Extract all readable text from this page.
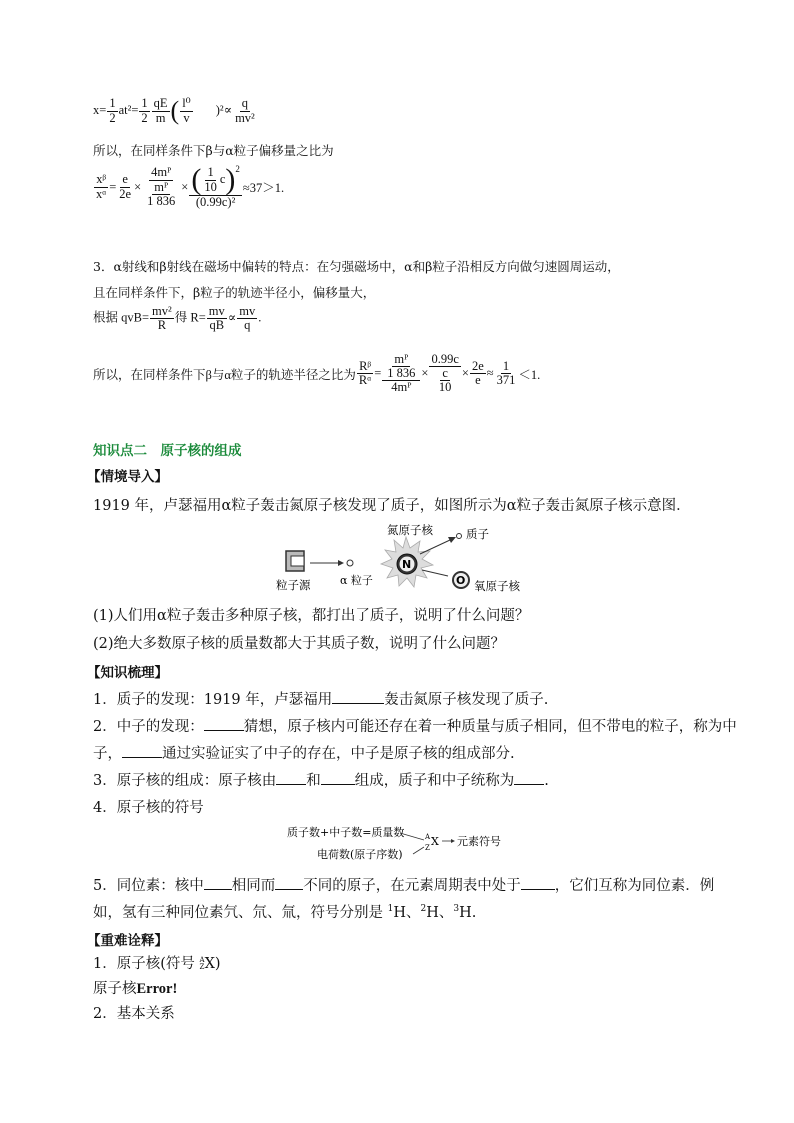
$x= \frac{1}{2} at^2= \frac{1}{2} \frac{qE}{m}$ ( $\frac{\text{l⁰}}{v} )^2\propto \frac{q}{\text{mv²}}$
所以，在同样条件下β与α粒子偏移量之比为
$\frac{\text{xᵝ}}{\text{xᵅ}} = \frac{e}{2e} \times \frac{\text{4mᴾ}}{\frac{\text{mᴾ}}{1 836}} \times \frac{( \frac{1}{10} c )^2}{\text{(0.99c)²}} \approx 37>1$.
3．α射线和β射线在磁场中偏转的特点：在匀强磁场中，α和β粒子沿相反方向做匀速圆周运动，
且在同样条件下，β粒子的轨迹半径小，偏移量大，
根据 $qvB= \frac{\text{mv²}}{R}$ 得 $R= \frac{mv}{qB} \propto \frac{mv}{q}$ .
所以，在同样条件下β与α粒子的轨迹半径之比为 $\frac{\text{Rᵝ}}{\text{Rᵅ}} = \frac{\frac{\text{mᴾ}}{1 836}}{\text{4mᴾ}} \times \frac{0.99c}{\frac{c}{10}} \times \frac{2e}{e} \approx \frac{1}{371} <1$.
知识点二　原子核的组成
【情境导入】
1919 年，卢瑟福用α粒子轰击氮原子核发现了质子，如图所示为α粒子轰击氮原子核示意图．
粒子源	α 粒子
氮原子核
N
质子
O 氧原子核
(1)人们用α粒子轰击多种原子核，都打出了质子，说明了什么问题？
(2)绝大多数原子核的质量数都大于其质子数，说明了什么问题？
【知识梳理】
1．质子的发现：1919 年，卢瑟福用	轰击氮原子核发现了质子.
2．中子的发现：	猜想，原子核内可能还存在着一种质量与质子相同，但不带电的粒子，称为中
子，	通过实验证实了中子的存在，中子是原子核的组成部分.
3．原子核的组成：原子核由 和 组成，质子和中子统称为 .
4．原子核的符号
质子数+中子数=质量数
电荷数(原子序数)
A
Z X 元素符号
5．同位素：核中 相同而 不同的原子，在元素周期表中处于 ，它们互称为同位素．例
如，氢有三种同位素氕、氘、氚，符号分别是 $^1$H、$^2$H、$^3$H.
【重难诠释】
1．原子核(符号 A
Z X)
原子核Error!
2．基本关系
